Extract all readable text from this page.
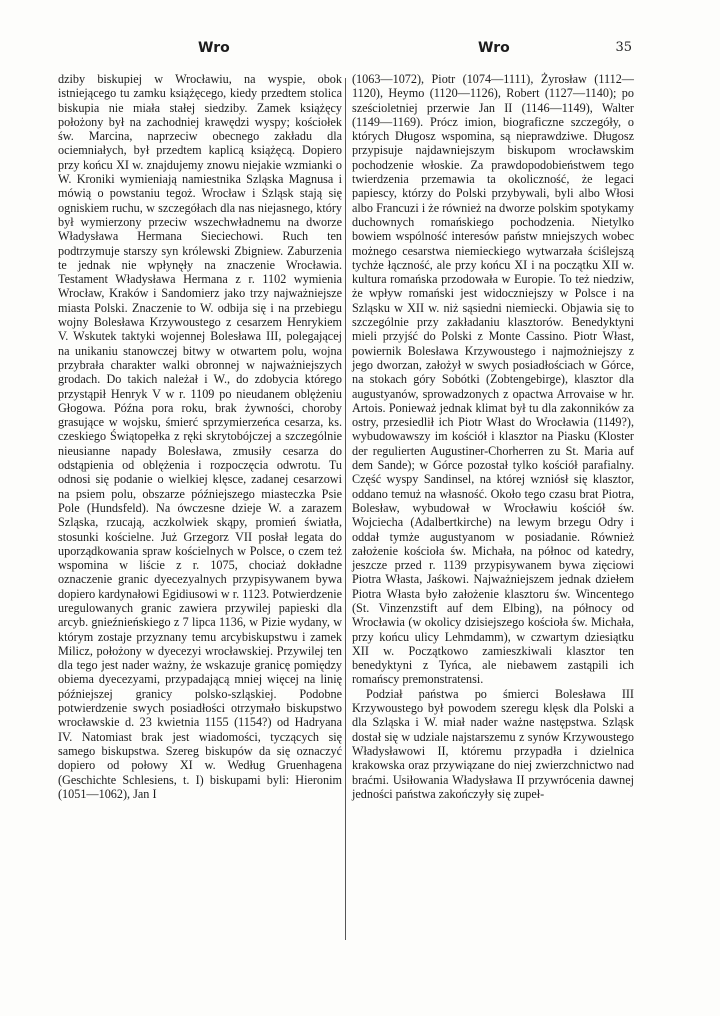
Wro	Wro	35

dziby biskupiej w Wrocławiu, na wyspie, obok istniejącego tu zamku książęcego, kiedy przedtem stolica biskupia nie miała stałej siedziby. Zamek książęcy położony był na zachodniej krawędzi wyspy; kościołek św. Marcina, naprzeciw obecnego zakładu dla ociemniałych, był przedtem kaplicą książęcą. Dopiero przy końcu XI w. znajdujemy znowu niejakie wzmianki o W. Kroniki wymieniają namiestnika Szląska Magnusa i mówią o powstaniu tegoż. Wrocław i Szląsk stają się ogniskiem ruchu, w szczegółach dla nas niejasnego, który był wymierzony przeciw wszechwładnemu na dworze Władysława Hermana Sieciechowi. Ruch ten podtrzymuje starszy syn królewski Zbigniew. Zaburzenia te jednak nie wpłynęły na znaczenie Wrocławia. Testament Władysława Hermana z r. 1102 wymienia Wrocław, Kraków i Sandomierz jako trzy najważniejsze miasta Polski. Znaczenie to W. odbija się i na przebiegu wojny Bolesława Krzywoustego z cesarzem Henrykiem V. Wskutek taktyki wojennej Bolesława III, polegającej na unikaniu stanowczej bitwy w otwartem polu, wojna przybrała charakter walki obronnej w najważniejszych grodach. Do takich należał i W., do zdobycia którego przystąpił Henryk V w r. 1109 po nieudanem oblężeniu Głogowa. Późna pora roku, brak żywności, choroby grasujące w wojsku, śmierć sprzymierzeńca cesarza, ks. czeskiego Świątopełka z ręki skrytobójczej a szczególnie nieusianne napady Bolesława, zmusiły cesarza do odstąpienia od oblężenia i rozpoczęcia odwrotu. Tu odnosi się podanie o wielkiej klęsce, zadanej cesarzowi na psiem polu, obszarze późniejszego miasteczka Psie Pole (Hundsfeld). Na ówczesne dzieje W. a zarazem Szląska, rzucają, aczkolwiek skąpy, promień światła, stosunki kościelne. Już Grzegorz VII posłał legata do uporządkowania spraw kościelnych w Polsce, o czem też wspomina w liście z r. 1075, chociaż dokładne oznaczenie granic dyecezyalnych przypisywanem bywa dopiero kardynałowi Egidiusowi w r. 1123. Potwierdzenie uregulowanych granic zawiera przywilej papieski dla arcyb. gnieźnieńskiego z 7 lipca 1136, w Pizie wydany, w którym zostaje przyznany temu arcybiskupstwu i zamek Milicz, położony w dyecezyi wrocławskiej. Przywilej ten dla tego jest nader ważny, że wskazuje granicę pomiędzy obiema dyecezyami, przypadającą mniej więcej na linię późniejszej granicy polsko-szląskiej. Podobne potwierdzenie swych posiadłości otrzymało biskupstwo wrocławskie d. 23 kwietnia 1155 (1154?) od Hadryana IV. Natomiast brak jest wiadomości, tyczących się samego biskupstwa. Szereg biskupów da się oznaczyć dopiero od połowy XI w. Według Gruenhagena (Geschichte Schlesiens, t. I) biskupami byli: Hieronim (1051—1062), Jan I

(1063—1072), Piotr (1074—1111), Żyrosław (1112—1120), Heymo (1120—1126), Robert (1127—1140); po sześcioletniej przerwie Jan II (1146—1149), Walter (1149—1169). Prócz imion, biograficzne szczegóły, o których Długosz wspomina, są nieprawdziwe. Długosz przypisuje najdawniejszym biskupom wrocławskim pochodzenie włoskie. Za prawdopodobieństwem tego twierdzenia przemawia ta okoliczność, że legaci papiescy, którzy do Polski przybywali, byli albo Włosi albo Francuzi i że również na dworze polskim spotykamy duchownych romańskiego pochodzenia. Nietylko bowiem wspólność interesów państw mniejszych wobec możnego cesarstwa niemieckiego wytwarzała ściślejszą tychże łączność, ale przy końcu XI i na początku XII w. kultura romańska przodowała w Europie. To też niedziw, że wpływ romański jest widoczniejszy w Polsce i na Szląsku w XII w. niż sąsiedni niemiecki. Objawia się to szczególnie przy zakładaniu klasztorów. Benedyktyni mieli przyjść do Polski z Monte Cassino. Piotr Włast, powiernik Bolesława Krzywoustego i najmożniejszy z jego dworzan, założył w swych posiadłościach w Górce, na stokach góry Sobótki (Zobtengebirge), klasztor dla augustyanów, sprowadzonych z opactwa Arrovaise w hr. Artois. Ponieważ jednak klimat był tu dla zakonników za ostry, przesiedlił ich Piotr Włast do Wrocławia (1149?), wybudowawszy im kościół i klasztor na Piasku (Kloster der regulierten Augustiner-Chorherren zu St. Maria auf dem Sande); w Górce pozostał tylko kościół parafialny. Część wyspy Sandinsel, na której wzniósł się klasztor, oddano temuż na własność. Około tego czasu brat Piotra, Bolesław, wybudował w Wrocławiu kościół św. Wojciecha (Adalbertkirche) na lewym brzegu Odry i oddał tymże augustyanom w posiadanie. Również założenie kościoła św. Michała, na północ od katedry, jeszcze przed r. 1139 przypisywanem bywa zięciowi Piotra Własta, Jaśkowi. Najważniejszem jednak dziełem Piotra Własta było założenie klasztoru św. Wincentego (St. Vinzenzstift auf dem Elbing), na północy od Wrocławia (w okolicy dzisiejszego kościoła św. Michała, przy końcu ulicy Lehmdamm), w czwartym dziesiątku XII w. Początkowo zamieszkiwali klasztor ten benedyktyni z Tyńca, ale niebawem zastąpili ich romańscy premonstratensi.

Podział państwa po śmierci Bolesława III Krzywoustego był powodem szeregu klęsk dla Polski a dla Szląska i W. miał nader ważne następstwa. Szląsk dostał się w udziale najstarszemu z synów Krzywoustego Władysławowi II, któremu przypadła i dzielnica krakowska oraz przywiązane do niej zwierzchnictwo nad braćmi. Usiłowania Władysława II przywrócenia dawnej jedności państwa zakończyły się zupeł-
